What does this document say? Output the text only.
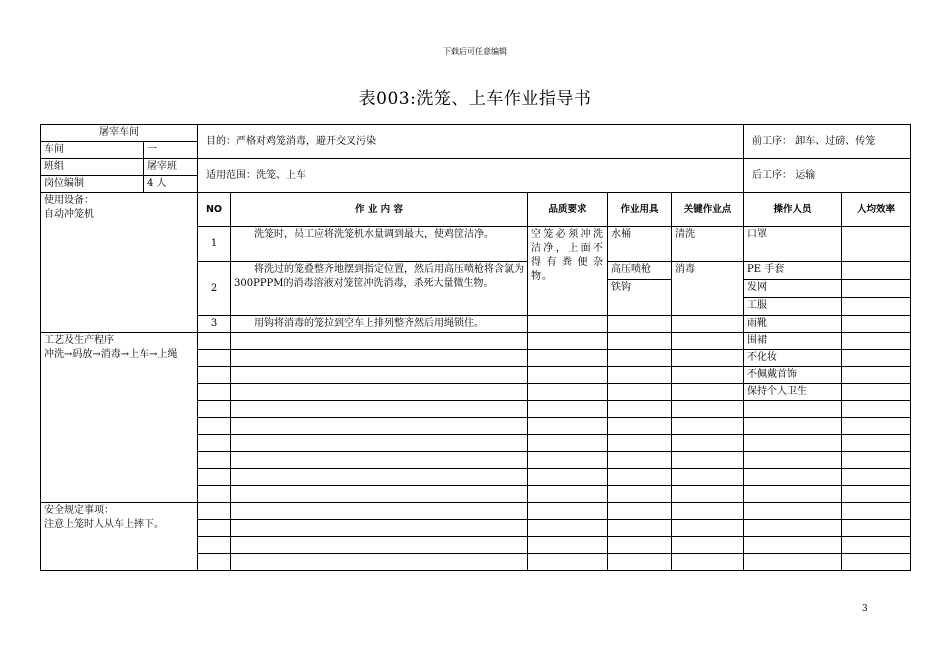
下载后可任意编辑
表003:洗笼、上车作业指导书
屠宰车间		目的：严格对鸡笼消毒，避开交叉污染					前工序： 卸车、过磅、传笼	
车间	一							
班组	屠宰班	适用范围：洗笼、上车					后工序： 运输	
岗位编制	4 人							

使用设备：
自动冲笼机		NO	作 业 内 容	品质要求	作业用具	关键作业点	操作人员	人均效率
		1	洗笼时，员工应将洗笼机水量调到最大，使鸡筐洁净。	空笼必须冲洗洁净，上面不得有粪便杂物。	水桶	清洗	口罩	
		2	将洗过的笼叠整齐地摆到指定位置，然后用高压喷枪将含氯为300PPPM的消毒溶液对笼筐冲洗消毒，杀死大量微生物。		高压喷枪	消毒	PE 手套	
					铁钩		发网	
							工服	
		3	用钩将消毒的笼拉到空车上排列整齐然后用绳锁住。				雨靴	

工艺及生产程序
冲洗→码放→消毒→上车→上绳							围裙	
							不化妆	
							不佩戴首饰	
							保持个人卫生	

安全规定事项：
注意上笼时人从车上摔下。								

3
